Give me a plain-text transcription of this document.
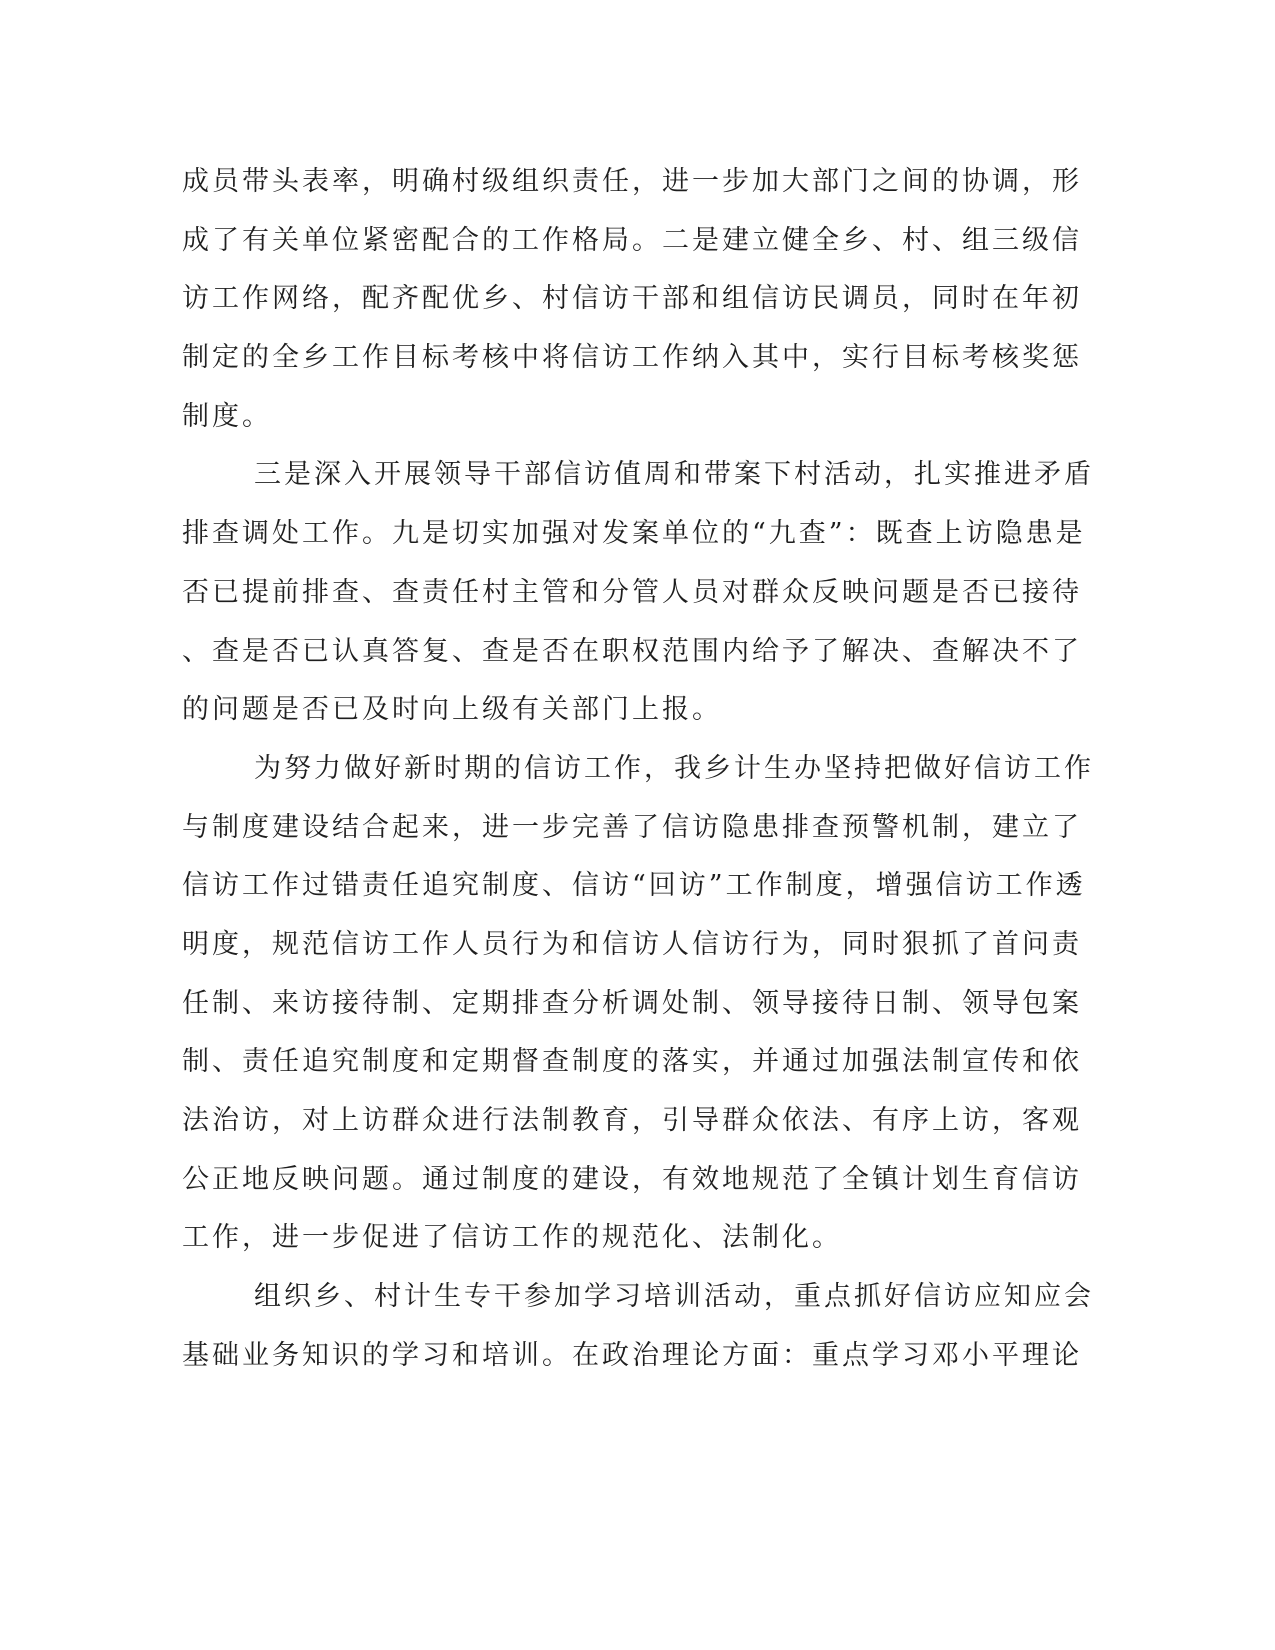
成员带头表率，明确村级组织责任，进一步加大部门之间的协调，形
成了有关单位紧密配合的工作格局。二是建立健全乡、村、组三级信
访工作网络，配齐配优乡、村信访干部和组信访民调员，同时在年初
制定的全乡工作目标考核中将信访工作纳入其中，实行目标考核奖惩
制度。
三是深入开展领导干部信访值周和带案下村活动，扎实推进矛盾
排查调处工作。九是切实加强对发案单位的“九查”：既查上访隐患是
否已提前排查、查责任村主管和分管人员对群众反映问题是否已接待
、查是否已认真答复、查是否在职权范围内给予了解决、查解决不了
的问题是否已及时向上级有关部门上报。
为努力做好新时期的信访工作，我乡计生办坚持把做好信访工作
与制度建设结合起来，进一步完善了信访隐患排查预警机制，建立了
信访工作过错责任追究制度、信访“回访”工作制度，增强信访工作透
明度，规范信访工作人员行为和信访人信访行为，同时狠抓了首问责
任制、来访接待制、定期排查分析调处制、领导接待日制、领导包案
制、责任追究制度和定期督查制度的落实，并通过加强法制宣传和依
法治访，对上访群众进行法制教育，引导群众依法、有序上访，客观
公正地反映问题。通过制度的建设，有效地规范了全镇计划生育信访
工作，进一步促进了信访工作的规范化、法制化。
组织乡、村计生专干参加学习培训活动，重点抓好信访应知应会
基础业务知识的学习和培训。在政治理论方面：重点学习邓小平理论
